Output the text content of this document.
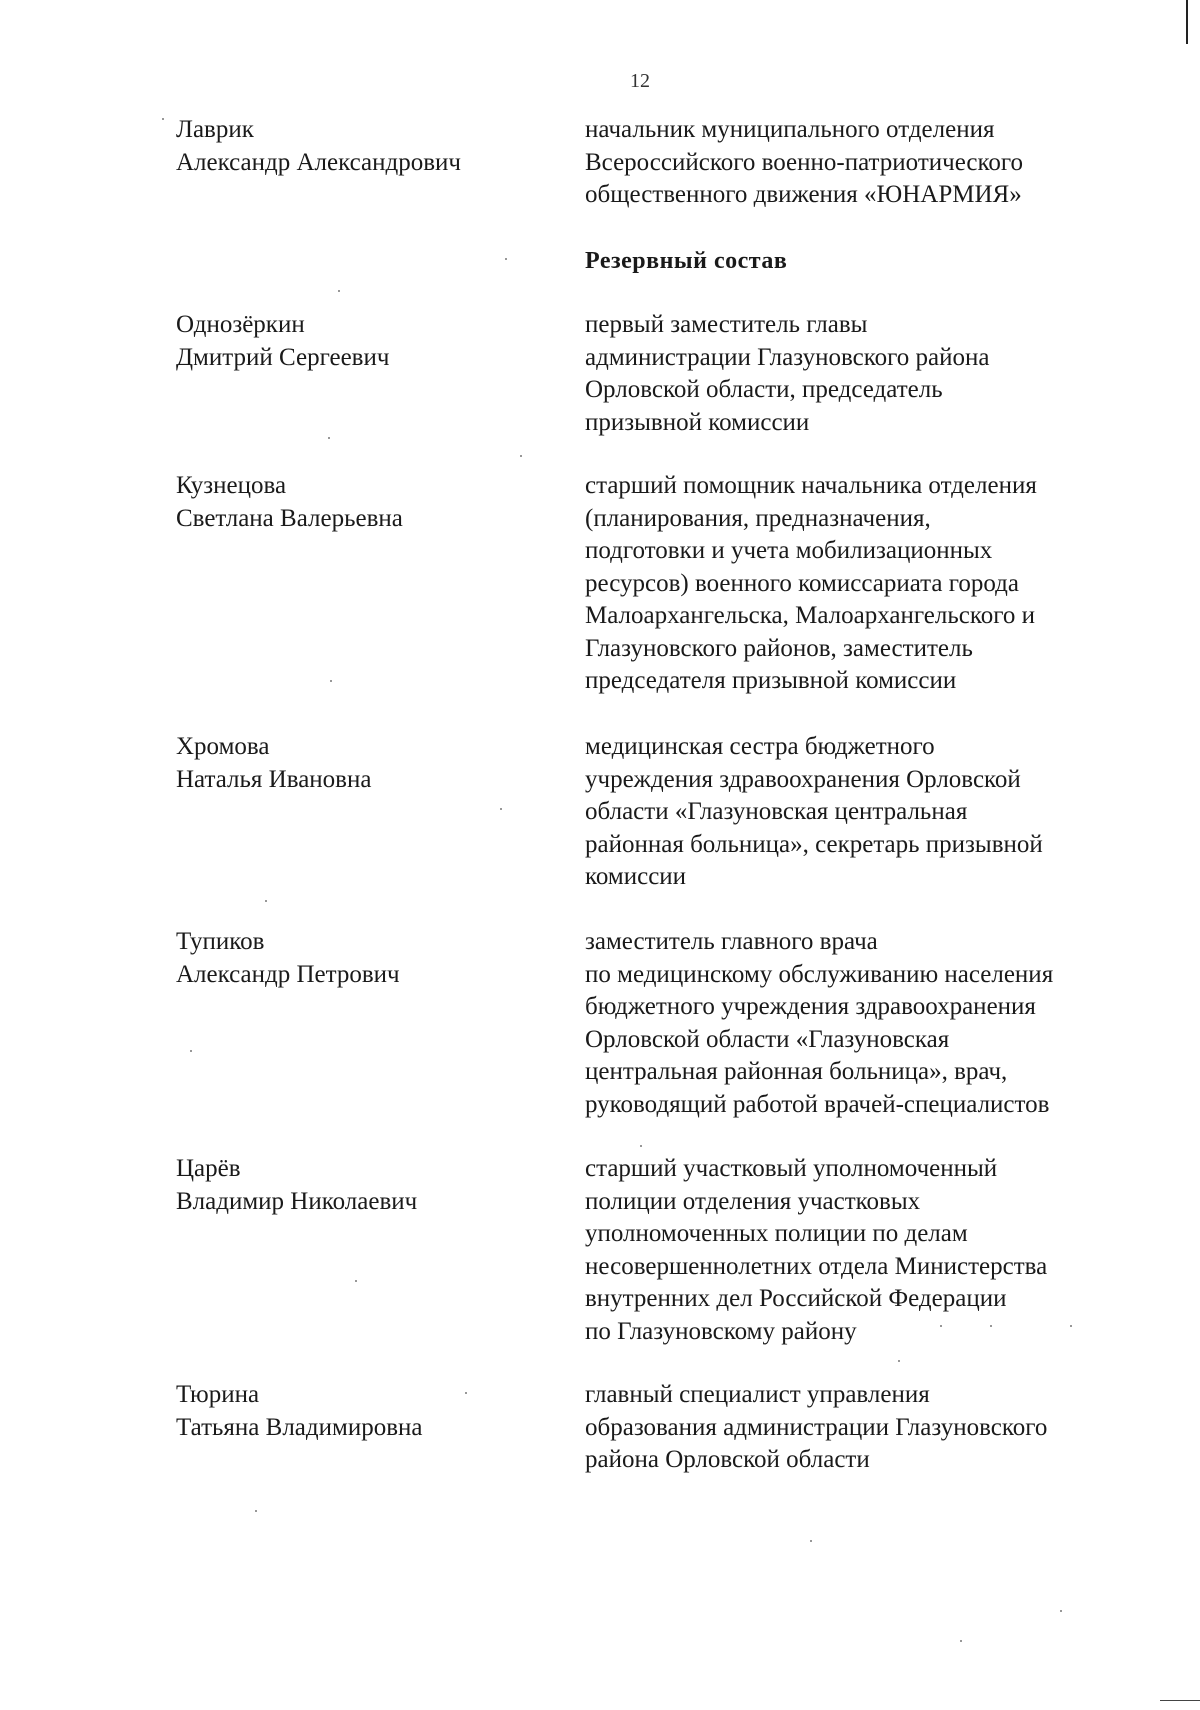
12
Лаврик
Александр Александрович
начальник муниципального отделения
Всероссийского военно-патриотического
общественного движения «ЮНАРМИЯ»
Резервный состав
Однозёркин
Дмитрий Сергеевич
первый заместитель главы
администрации Глазуновского района
Орловской области, председатель
призывной комиссии
Кузнецова
Светлана Валерьевна
старший помощник начальника отделения
(планирования, предназначения,
подготовки и учета мобилизационных
ресурсов) военного комиссариата города
Малоархангельска, Малоархангельского и
Глазуновского районов, заместитель
председателя призывной комиссии
Хромова
Наталья Ивановна
медицинская сестра бюджетного
учреждения здравоохранения Орловской
области «Глазуновская центральная
районная больница», секретарь призывной
комиссии
Тупиков
Александр Петрович
заместитель главного врача
по медицинскому обслуживанию населения
бюджетного учреждения здравоохранения
Орловской области «Глазуновская
центральная районная больница», врач,
руководящий работой врачей-специалистов
Царёв
Владимир Николаевич
старший участковый уполномоченный
полиции отделения участковых
уполномоченных полиции по делам
несовершеннолетних отдела Министерства
внутренних дел Российской Федерации
по Глазуновскому району
Тюрина
Татьяна Владимировна
главный специалист управления
образования администрации Глазуновского
района Орловской области
